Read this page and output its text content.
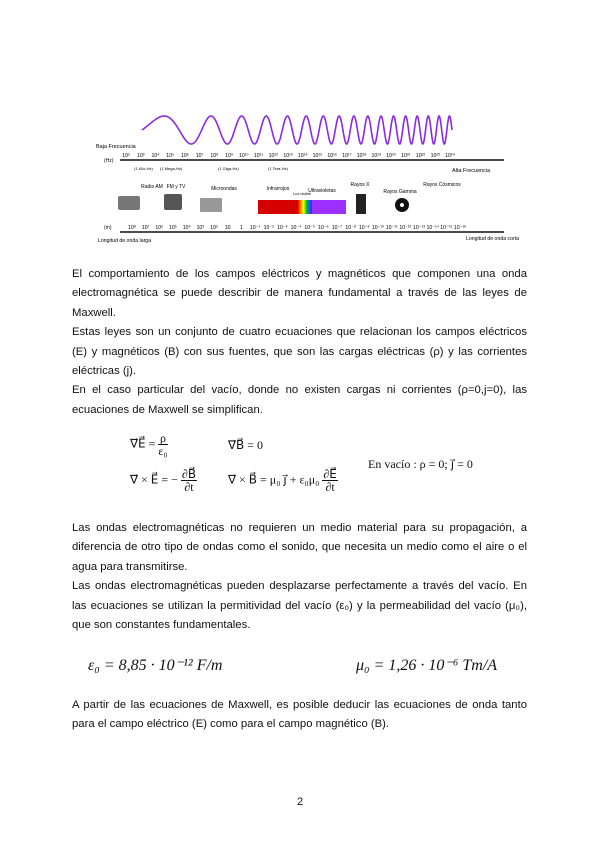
Baja Frecuencia
Alta Frecuencia
(Hz)
(m)
10² 10³ 10⁴ 10⁵ 10⁶ 10⁷ 10⁸ 10⁹ 10¹⁰ 10¹¹ 10¹² 10¹³ 10¹⁴ 10¹⁵ 10¹⁶ 10¹⁷ 10¹⁸ 10¹⁹ 10²⁰ 10²¹ 10²² 10²³ 10²⁴
(1 Kilo-Hz) (1 Mega-Hz)	(1 Giga-Hz)	(1 Tera-Hz)
10⁸ 10⁷ 10⁶ 10⁵ 10⁴ 10³ 10² 10 1 10⁻¹ 10⁻² 10⁻³ 10⁻⁴ 10⁻⁵ 10⁻⁶ 10⁻⁷ 10⁻⁸ 10⁻⁹ 10⁻¹⁰ 10⁻¹¹ 10⁻¹² 10⁻¹³ 10⁻¹⁴ 10⁻¹⁵ 10⁻¹⁶
Radio AM FM y TV	Microondas	Infrarrojos
Luz visible
Ultravioletas
Rayos X
Rayos Gamma
Rayos Cósmicos
Longitud de onda larga	Longitud de onda corta

El comportamiento de los campos eléctricos y magnéticos que componen una onda electromagnética se puede describir de manera fundamental a través de las leyes de Maxwell.

Estas leyes son un conjunto de cuatro ecuaciones que relacionan los campos eléctricos (E) y magnéticos (B) con sus fuentes, que son las cargas eléctricas (ρ) y las corrientes eléctricas (j).

En el caso particular del vacío, donde no existen cargas ni corrientes (ρ=0,j=0), las ecuaciones de Maxwell se simplifican.

∇⃗E⃗ = $\frac{\rho}{\text{ε₀}}$	∇⃗B⃗ = 0
∇⃗ × E⃗ = − $\frac{\partial B⃗}{\partial t}$	∇⃗ × B⃗ = μ₀ j⃗ + $\varepsilon_0\mu_0 \frac{\partial E⃗}{\partial t}$
En vacío : ρ = 0; j⃗ = 0

Las ondas electromagnéticas no requieren un medio material para su propagación, a diferencia de otro tipo de ondas como el sonido, que necesita un medio como el aire o el agua para transmitirse.

Las ondas electromagnéticas pueden desplazarse perfectamente a través del vacío. En las ecuaciones se utilizan la permitividad del vacío (ε₀) y la permeabilidad del vacío (μ₀), que son constantes fundamentales.

ε₀ = 8,85 · 10⁻¹² F/m	μ₀ = 1,26 · 10⁻⁶ Tm/A

A partir de las ecuaciones de Maxwell, es posible deducir las ecuaciones de onda tanto para el campo eléctrico (E) como para el campo magnético (B).

2
